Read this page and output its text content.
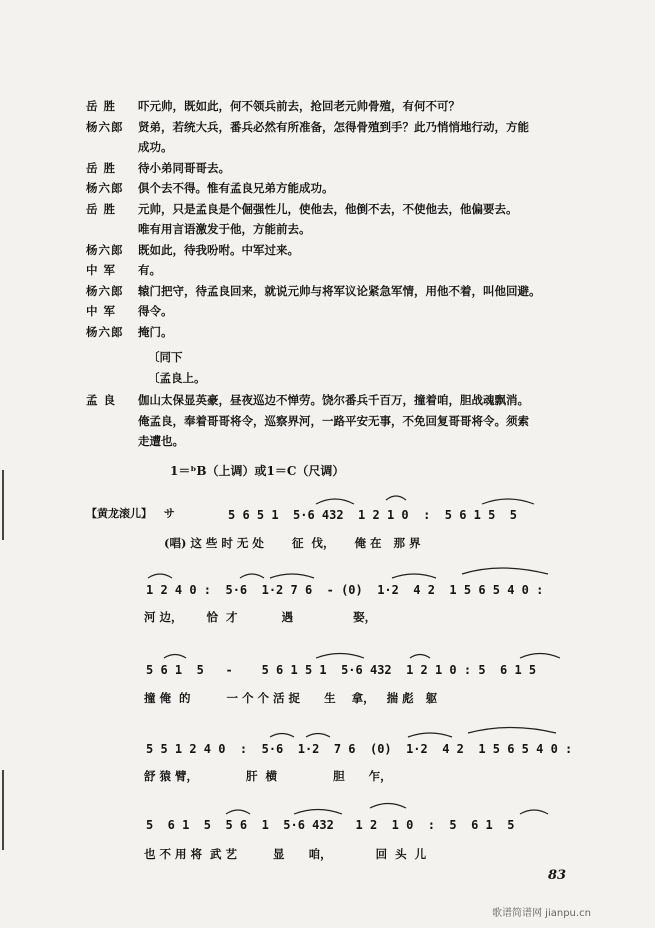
岳 胜	吓元帅，既如此，何不领兵前去，抢回老元帅骨殖，有何不可？
杨六郎	贤弟，若统大兵，番兵必然有所准备，怎得骨殖到手？此乃悄悄地行动，方能
成功。
岳 胜	待小弟同哥哥去。
杨六郎	俱个去不得。惟有孟良兄弟方能成功。
岳 胜	元帅，只是孟良是个倔强性儿，使他去，他倒不去，不使他去，他偏要去。
唯有用言语激发于他，方能前去。
杨六郎	既如此，待我吩咐。中军过来。
中 军	有。
杨六郎	辕门把守，待孟良回来，就说元帅与将军议论紧急军情，用他不着，叫他回避。
中 军	得令。
杨六郎	掩门。
〔同下
〔孟良上。
孟 良	伽山太保显英豪，昼夜巡边不惮劳。饶尔番兵千百万，撞着咱，胆战魂飘消。
俺孟良，奉着哥哥将令，巡察界河，一路平安无事，不免回复哥哥将令。须索
走遭也。
1＝ᵇB（上调）或1＝C（尺调）
【黄龙滚儿】 サ	5 6 5 1  5·6 432  1 2 1 0  :  5 6 1 5  5
(唱) 这 些 时 无 处       征  伐，     俺 在   那 界
1 2 4 0 :  5·6  1·2 7 6  - (0)  1·2  4 2  1 5 6 5 4 0 :
河 边，      恰  才           遇               娶，
5 6 1  5   -    5 6 1 5 1  5·6 432  1 2 1 0 : 5  6 1 5
撞 俺  的         一 个 个 活 捉      生    拿，   揣 彪   躯
5 5 1 2 4 0  :  5·6  1·2  7 6  (0)  1·2  4 2  1 5 6 5 4 0 :
舒 猿 臂，            肝  横              胆      乍，
5  6 1  5  5 6  1  5·6 432   1 2  1 0  :  5  6 1  5
也 不 用 将  武 艺         显      咱，           回  头  儿
83
歌谱简谱网 jianpu.cn
